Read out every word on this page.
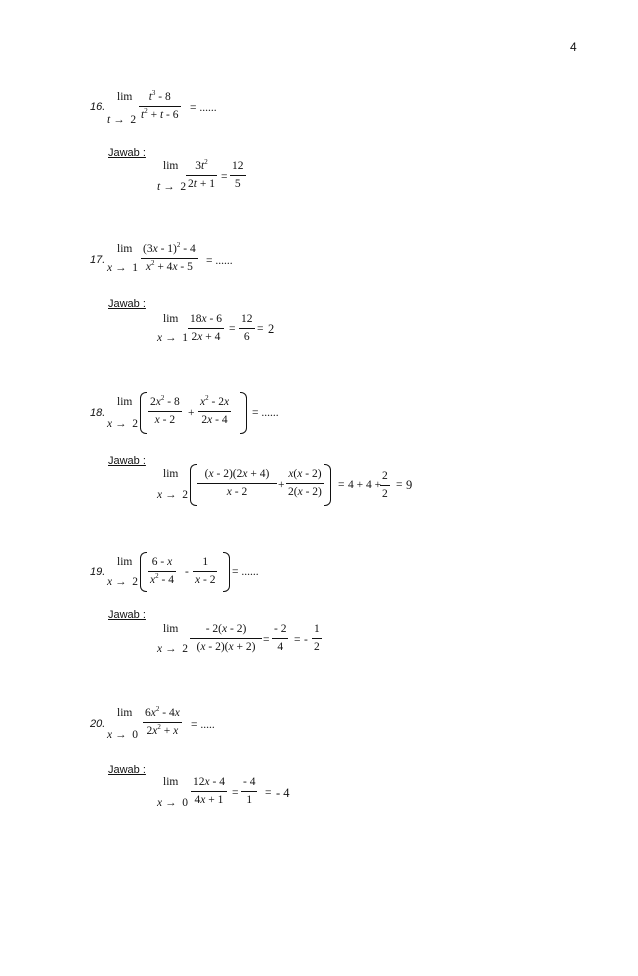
4
16.
lim
$t \to 2 \frac{t^3 - 8}{t^2 + t - 6}$ = ......
Jawab :
lim
$t \to 2 \frac{3t^2}{2t + 1} = \frac{12}{5}$
17.
lim
$x \to 1 \frac{(3x - 1)^2 - 4}{x^2 + 4x - 5}$ = ......
Jawab :
lim
$x \to 1 \frac{18x - 6}{2x + 4} = \frac{12}{6} = 2$
18.
lim
$x \to 2 \frac{2x^2 - 8}{x - 2} + \frac{x^2 - 2x}{2x - 4}$ = ......
Jawab :
lim
$x \to 2 \frac{(x - 2)(2x + 4)}{x - 2} + \frac{x(x - 2)}{2(x - 2)} = 4 + 4$ +
$\frac{2}{2} = 9$
19.
lim
$x \to 2 \frac{6 - x}{x^2 - 4} - \frac{1}{x - 2}$ = ......
Jawab :
lim
$x \to 2 \frac{- 2(x - 2)}{(x - 2)(x + 2)} = \frac{- 2}{4}$ = - $\frac{1}{2}$
20.
lim
$x \to 0 \frac{6x^2 - 4x}{2x^2 + x}$ = .....
Jawab :
lim
$x \to 0 \frac{12x - 4}{4x + 1} = \frac{- 4}{1}$ = - 4
